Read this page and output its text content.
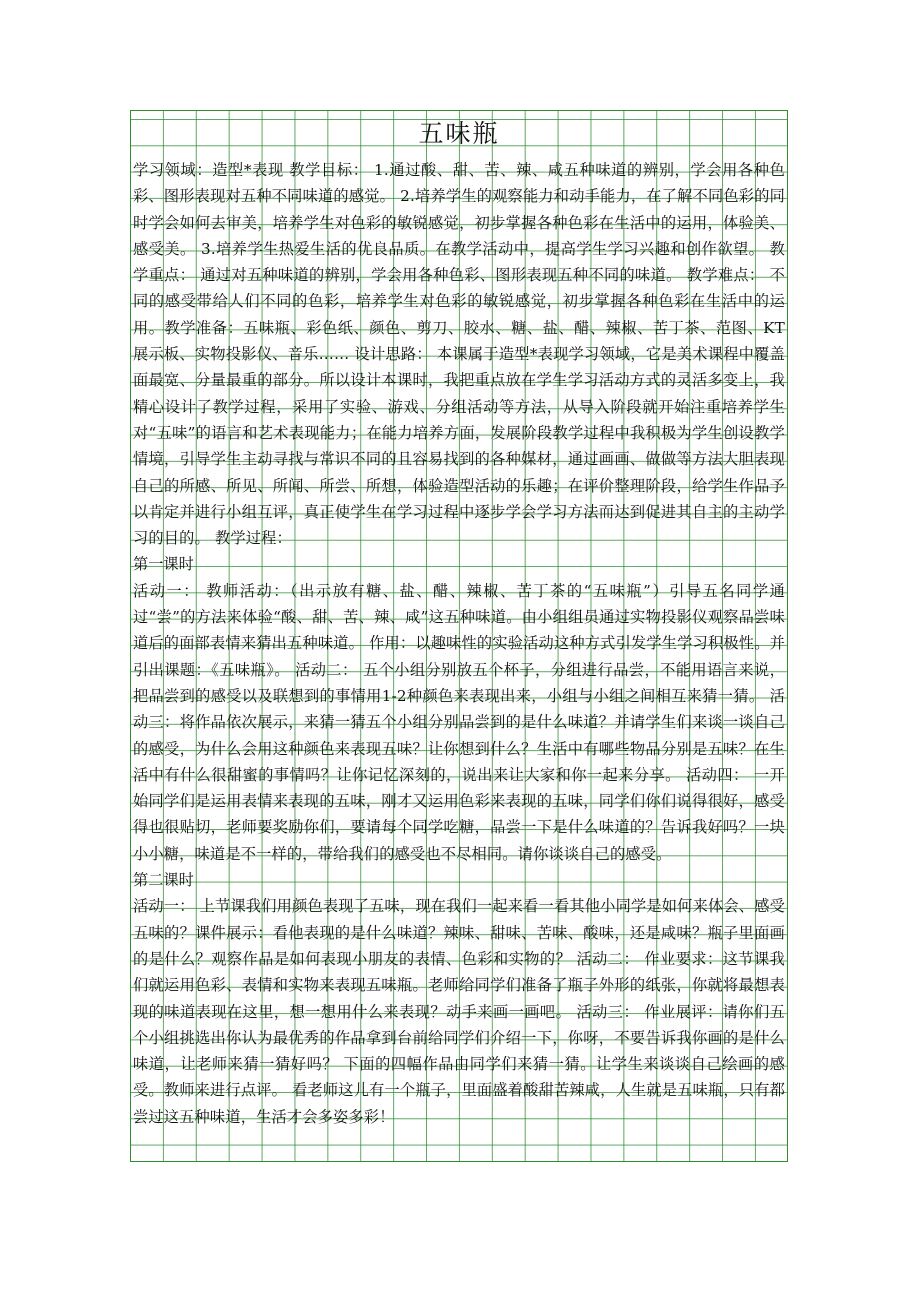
五味瓶

学习领域：造型*表现 教学目标： 1.通过酸、甜、苦、辣、咸五种味道的辨别，学会用各种色彩、图形表现对五种不同味道的感觉。 2.培养学生的观察能力和动手能力，在了解不同色彩的同时学会如何去审美，培养学生对色彩的敏锐感觉，初步掌握各种色彩在生活中的运用，体验美、感受美。 3.培养学生热爱生活的优良品质。在教学活动中，提高学生学习兴趣和创作欲望。 教学重点： 通过对五种味道的辨别，学会用各种色彩、图形表现五种不同的味道。 教学难点： 不同的感受带给人们不同的色彩，培养学生对色彩的敏锐感觉，初步掌握各种色彩在生活中的运用。教学准备：五味瓶、彩色纸、颜色、剪刀、胶水、糖、盐、醋、辣椒、苦丁茶、范图、KT展示板、实物投影仪、音乐…… 设计思路： 本课属于造型*表现学习领域，它是美术课程中覆盖面最宽、分量最重的部分。所以设计本课时，我把重点放在学生学习活动方式的灵活多变上，我精心设计了教学过程，采用了实验、游戏、分组活动等方法，从导入阶段就开始注重培养学生对“五味”的语言和艺术表现能力；在能力培养方面，发展阶段教学过程中我积极为学生创设教学情境，引导学生主动寻找与常识不同的且容易找到的各种媒材，通过画画、做做等方法大胆表现自己的所感、所见、所闻、所尝、所想，体验造型活动的乐趣；在评价整理阶段，给学生作品予以肯定并进行小组互评，真正使学生在学习过程中逐步学会学习方法而达到促进其自主的主动学习的目的。 教学过程：

第一课时

活动一： 教师活动：（出示放有糖、盐、醋、辣椒、苦丁茶的“五味瓶”）引导五名同学通过“尝”的方法来体验“酸、甜、苦、辣、咸”这五种味道。由小组组员通过实物投影仪观察品尝味道后的面部表情来猜出五种味道。 作用：以趣味性的实验活动这种方式引发学生学习积极性。并引出课题：《五味瓶》。 活动二： 五个小组分别放五个杯子，分组进行品尝，不能用语言来说，把品尝到的感受以及联想到的事情用1-2种颜色来表现出来，小组与小组之间相互来猜一猜。 活动三：将作品依次展示，来猜一猜五个小组分别品尝到的是什么味道？并请学生们来谈一谈自己的感受，为什么会用这种颜色来表现五味？让你想到什么？生活中有哪些物品分别是五味？在生活中有什么很甜蜜的事情吗？让你记忆深刻的，说出来让大家和你一起来分享。 活动四： 一开始同学们是运用表情来表现的五味，刚才又运用色彩来表现的五味，同学们你们说得很好，感受得也很贴切，老师要奖励你们，要请每个同学吃糖，品尝一下是什么味道的？告诉我好吗？一块小小糖，味道是不一样的，带给我们的感受也不尽相同。请你谈谈自己的感受。

第二课时

活动一： 上节课我们用颜色表现了五味，现在我们一起来看一看其他小同学是如何来体会、感受五味的？课件展示：看他表现的是什么味道？辣味、甜味、苦味、酸味，还是咸味？瓶子里面画的是什么？观察作品是如何表现小朋友的表情、色彩和实物的？ 活动二： 作业要求：这节课我们就运用色彩、表情和实物来表现五味瓶。老师给同学们准备了瓶子外形的纸张，你就将最想表现的味道表现在这里，想一想用什么来表现？动手来画一画吧。 活动三： 作业展评：请你们五个小组挑选出你认为最优秀的作品拿到台前给同学们介绍一下，你呀，不要告诉我你画的是什么味道，让老师来猜一猜好吗？ 下面的四幅作品由同学们来猜一猜。让学生来谈谈自己绘画的感受。教师来进行点评。 看老师这儿有一个瓶子，里面盛着酸甜苦辣咸，人生就是五味瓶，只有都尝过这五种味道，生活才会多姿多彩！
